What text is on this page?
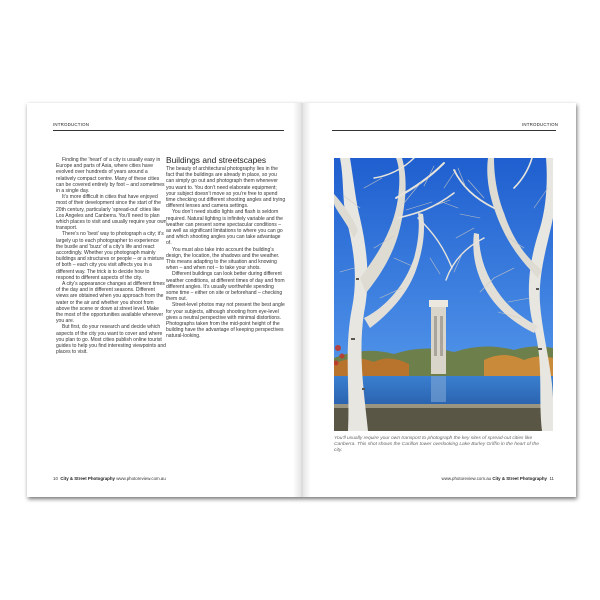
INTRODUCTION

Finding the ‘heart’ of a city is usually easy in Europe and parts of Asia, where cities have evolved over hundreds of years around a relatively compact centre. Many of these cities can be covered entirely by foot – and sometimes in a single day.

It’s more difficult in cities that have enjoyed most of their development since the start of the 20th century, particularly ‘spread-out’ cities like Los Angeles and Canberra. You’ll need to plan which places to visit and usually require your own transport.

There’s no ‘best’ way to photograph a city; it’s largely up to each photographer to experience the bustle and ‘buzz’ of a city’s life and react accordingly. Whether you photograph mainly buildings and structures or people – or a mixture of both – each city you visit affects you in a different way. The trick is to decide how to respond to different aspects of the city.

A city’s appearance changes at different times of the day and in different seasons. Different views are obtained when you approach from the water or the air and whether you shoot from above the scene or down at street level. Make the most of the opportunities available wherever you are.

But first, do your research and decide which aspects of the city you want to cover and where you plan to go. Most cities publish online tourist guides to help you find interesting viewpoints and places to visit.

Buildings and streetscapes

The beauty of architectural photography lies in the fact that the buildings are already in place, so you can simply go out and photograph them whenever you want to. You don’t need elaborate equipment; your subject doesn’t move so you’re free to spend time checking out different shooting angles and trying different lenses and camera settings.

You don’t need studio lights and flash is seldom required. Natural lighting is infinitely variable and the weather can present some spectacular conditions – as well as significant limitations to where you can go and which shooting angles you can take advantage of.

You must also take into account the building’s design, the location, the shadows and the weather. This means adapting to the situation and knowing when – and when not – to take your shots.

Different buildings can look better during different weather conditions, at different times of day and from different angles. It’s usually worthwhile spending some time – either on site or beforehand – checking them out.

Street-level photos may not present the best angle for your subjects, although shooting from eye-level gives a neutral perspective with minimal distortions. Photographs taken from the mid-point height of the building have the advantage of keeping perspectives natural-looking.

10 City & Street Photography www.photoreview.com.au
INTRODUCTION
You’ll usually require your own transport to photograph the key sites of spread-out cities like Canberra. This shot shows the Carillon tower overlooking Lake Burley Griffin in the heart of the city.
www.photoreview.com.au City & Street Photography 11
